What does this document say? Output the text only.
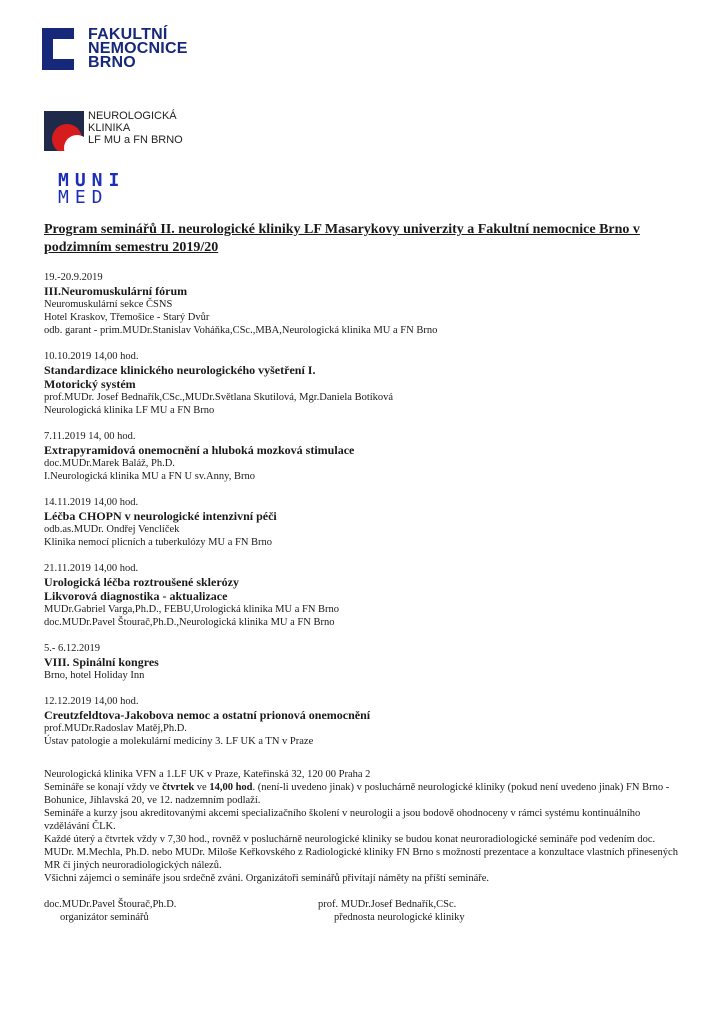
FAKULTNÍ
NEMOCNICE
BRNO
NEUROLOGICKÁ
KLINIKA
LF MU a FN BRNO
MUNI
MED
Program seminářů II. neurologické kliniky LF Masarykovy univerzity a Fakultní nemocnice Brno v podzimním semestru 2019/20
19.-20.9.2019
III.Neuromuskulární fórum
Neuromuskulární sekce ČSNS
Hotel Kraskov, Třemošice - Starý Dvůr
odb. garant - prim.MUDr.Stanislav Voháňka,CSc.,MBA,Neurologická klinika MU a FN Brno
10.10.2019 14,00 hod.
Standardizace klinického neurologického vyšetření I.
Motorický systém
prof.MUDr. Josef Bednařík,CSc.,MUDr.Světlana Skutilová, Mgr.Daniela Botíková
Neurologická klinika LF MU a FN Brno
7.11.2019 14, 00 hod.
Extrapyramidová onemocnění a hluboká mozková stimulace
doc.MUDr.Marek Baláž, Ph.D.
I.Neurologická klinika MU a FN U sv.Anny, Brno
14.11.2019 14,00 hod.
Léčba CHOPN v neurologické intenzivní péči
odb.as.MUDr. Ondřej Venclíček
Klinika nemocí plicních a tuberkulózy MU a FN Brno
21.11.2019 14,00 hod.
Urologická léčba roztroušené sklerózy
Likvorová diagnostika - aktualizace
MUDr.Gabriel Varga,Ph.D., FEBU,Urologická klinika MU a FN Brno
doc.MUDr.Pavel Štourač,Ph.D.,Neurologická klinika MU a FN Brno
5.- 6.12.2019
VIII. Spinální kongres
Brno, hotel Holiday Inn
12.12.2019 14,00 hod.
Creutzfeldtova-Jakobova nemoc a ostatní prionová onemocnění
prof.MUDr.Radoslav Matěj,Ph.D.
Ústav patologie a molekulární medicíny 3. LF UK a TN v Praze

Neurologická klinika VFN a 1.LF UK v Praze, Kateřinská 32, 120 00 Praha 2

Semináře se konají vždy ve čtvrtek ve 14,00 hod. (není-li uvedeno jinak) v posluchárně neurologické kliniky (pokud není uvedeno jinak) FN Brno - Bohunice, Jihlavská 20, ve 12. nadzemním podlaží.

Semináře a kurzy jsou akreditovanými akcemi specializačního školení v neurologii a jsou bodově ohodnoceny v rámci systému kontinuálního vzdělávání ČLK.

Každé úterý a čtvrtek vždy v 7,30 hod., rovněž v posluchárně neurologické kliniky se budou konat neuroradiologické semináře pod vedením doc. MUDr. M.Mechla, Ph.D. nebo MUDr. Miloše Keřkovského z Radiologické kliniky FN Brno s možností prezentace a konzultace vlastních přinesených MR či jiných neuroradiologických nálezů.

Všichni zájemci o semináře jsou srdečně zváni. Organizátoři seminářů přivítají náměty na příští semináře.

doc.MUDr.Pavel Štourač,Ph.D.
organizátor seminářů
prof. MUDr.Josef Bednařík,CSc.
přednosta neurologické kliniky
